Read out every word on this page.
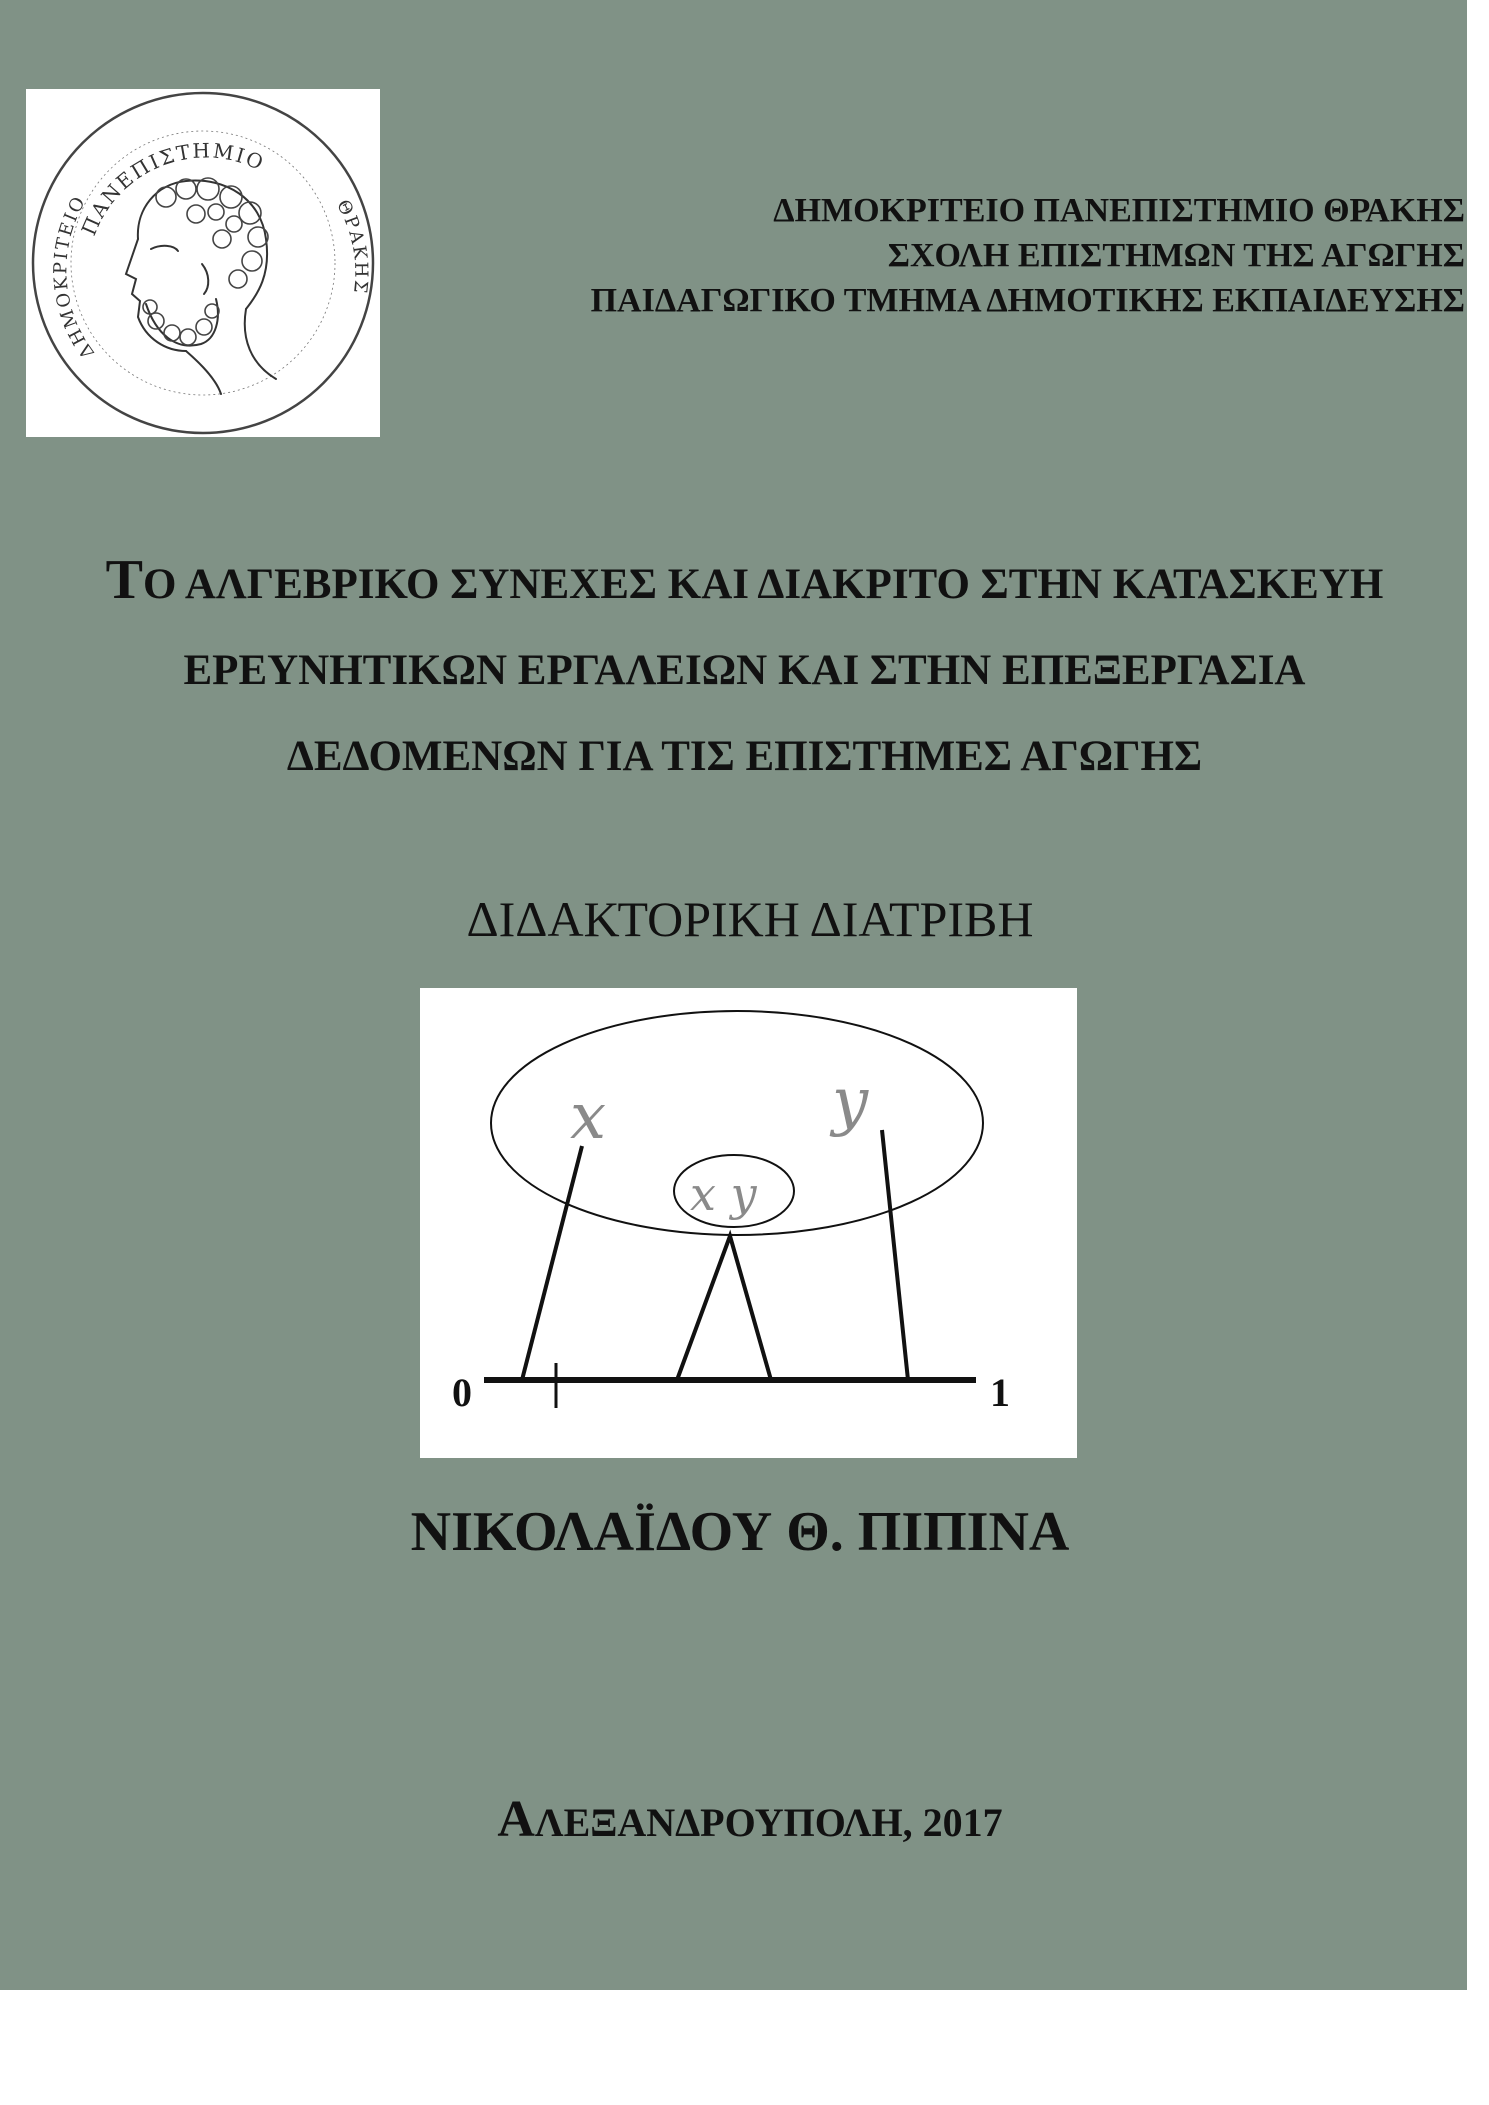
ΠΑΝΕΠΙΣΤΗΜΙΟ
ΔΗΜΟΚΡΙΤΕΙΟ	ΘΡΑΚΗΣ
ΔΗΜΟΚΡΙΤΕΙΟ ΠΑΝΕΠΙΣΤΗΜΙΟ ΘΡΑΚΗΣ
ΣΧΟΛΗ ΕΠΙΣΤΗΜΩΝ ΤΗΣ ΑΓΩΓΗΣ
ΠΑΙΔΑΓΩΓΙΚΟ ΤΜΗΜΑ ΔΗΜΟΤΙΚΗΣ ΕΚΠΑΙΔΕΥΣΗΣ
ΤΟ ΑΛΓΕΒΡΙΚΟ ΣΥΝΕΧΕΣ ΚΑΙ ΔΙΑΚΡΙΤΟ ΣΤΗΝ ΚΑΤΑΣΚΕΥΗ
ΕΡΕΥΝΗΤΙΚΩΝ ΕΡΓΑΛΕΙΩΝ ΚΑΙ ΣΤΗΝ ΕΠΕΞΕΡΓΑΣΙΑ
ΔΕΔΟΜΕΝΩΝ ΓΙΑ ΤΙΣ ΕΠΙΣΤΗΜΕΣ ΑΓΩΓΗΣ
ΔΙΔΑΚΤΟΡΙΚΗ ΔΙΑΤΡΙΒΗ
x	y
x y
0	1
ΝΙΚΟΛΑΪΔΟΥ Θ. ΠΙΠΙΝΑ
ΑΛΕΞΑΝΔΡΟΥΠΟΛΗ, 2017
